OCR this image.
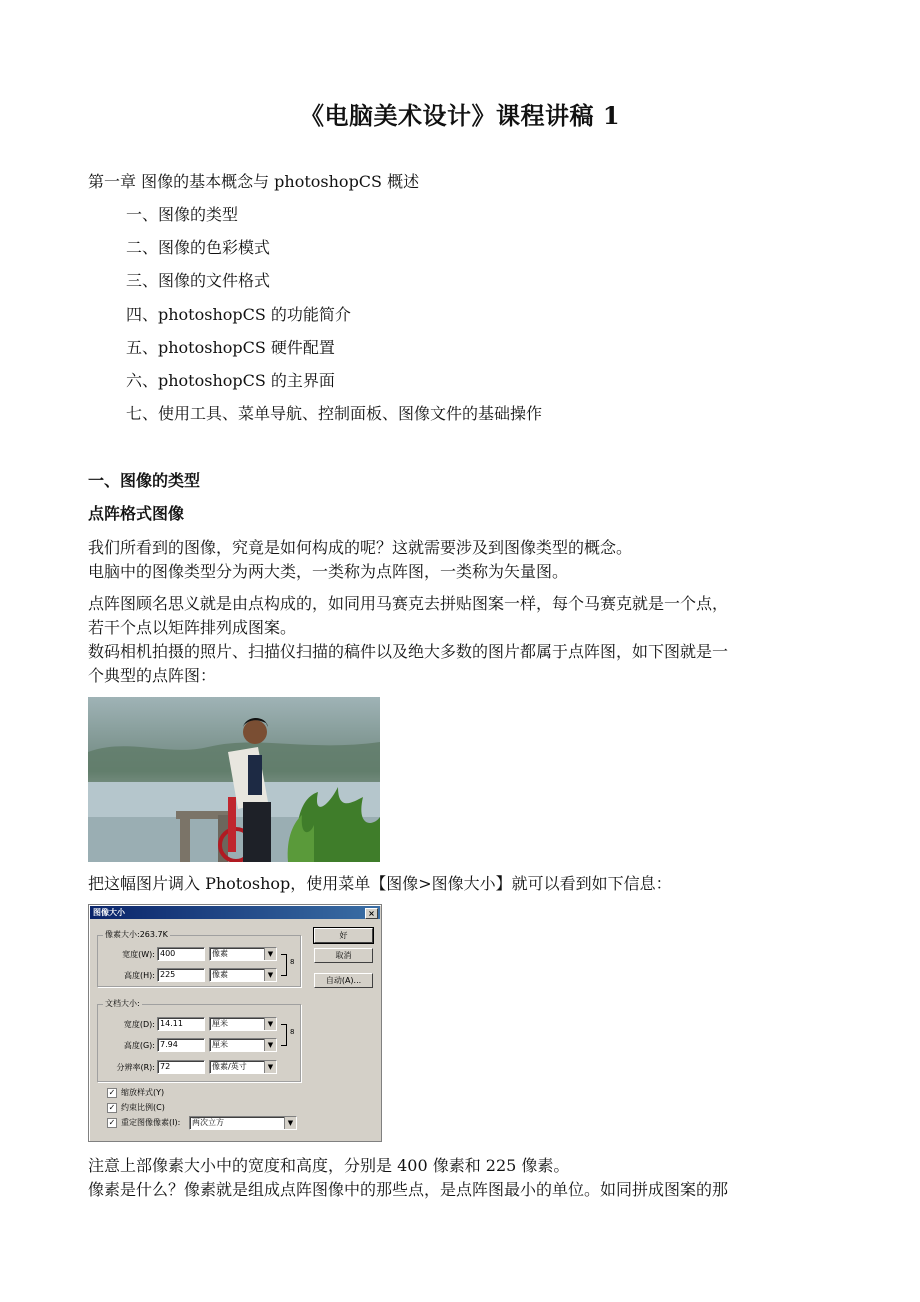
《电脑美术设计》课程讲稿 1
第一章 图像的基本概念与 photoshopCS 概述
一、图像的类型
二、图像的色彩模式
三、图像的文件格式
四、photoshopCS 的功能简介
五、photoshopCS 硬件配置
六、photoshopCS 的主界面
七、使用工具、菜单导航、控制面板、图像文件的基础操作
一、图像的类型
点阵格式图像
我们所看到的图像，究竟是如何构成的呢？这就需要涉及到图像类型的概念。
电脑中的图像类型分为两大类，一类称为点阵图，一类称为矢量图。
点阵图顾名思义就是由点构成的，如同用马赛克去拼贴图案一样，每个马赛克就是一个点，
若干个点以矩阵排列成图案。
数码相机拍摄的照片、扫描仪扫描的稿件以及绝大多数的图片都属于点阵图，如下图就是一
个典型的点阵图：
把这幅图片调入 Photoshop，使用菜单【图像>图像大小】就可以看到如下信息：
图像大小	×
像素大小:263.7K
宽度(W): 400	像素	▼
高度(H): 225	像素	▼
8
文档大小:
宽度(D): 14.11	厘米	▼
高度(G): 7.94	厘米	▼
8
分辨率(R): 72	像素/英寸	▼
✓ 缩放样式(Y)
✓ 约束比例(C)
✓ 重定图像像素(I):	两次立方	▼
好
取消
自动(A)...
注意上部像素大小中的宽度和高度，分别是 400 像素和 225 像素。
像素是什么？像素就是组成点阵图像中的那些点，是点阵图最小的单位。如同拼成图案的那
